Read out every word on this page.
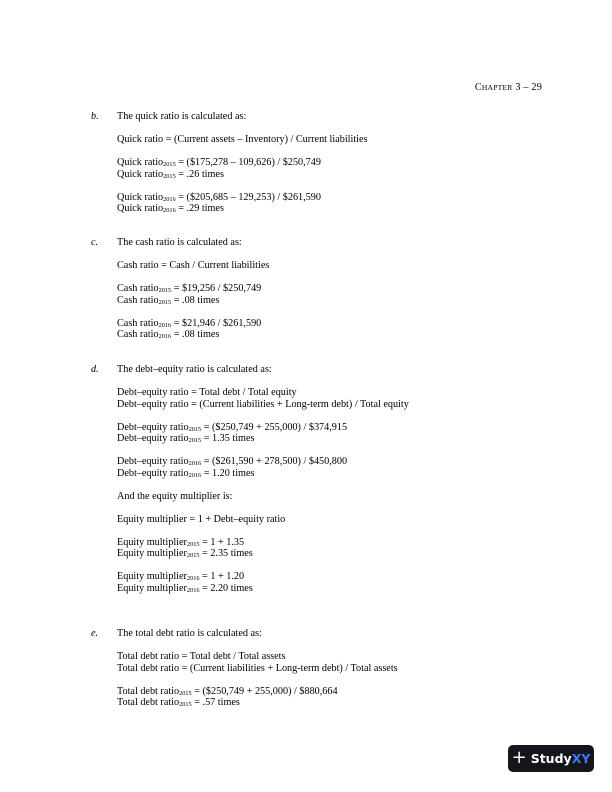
CHAPTER 3 – 29
b. The quick ratio is calculated as:
Quick ratio = (Current assets – Inventory) / Current liabilities
Quick ratio$_{2015}$ = ($175,278 – 109,626) / $250,749
Quick ratio$_{2015}$ = .26 times
Quick ratio$_{2016}$ = ($205,685 – 129,253) / $261,590
Quick ratio$_{2016}$ = .29 times
c. The cash ratio is calculated as:
Cash ratio = Cash / Current liabilities
Cash ratio$_{2015}$ = $19,256 / $250,749
Cash ratio$_{2015}$ = .08 times
Cash ratio$_{2016}$ = $21,946 / $261,590
Cash ratio$_{2016}$ = .08 times
d. The debt–equity ratio is calculated as:
Debt–equity ratio = Total debt / Total equity
Debt–equity ratio = (Current liabilities + Long-term debt) / Total equity
Debt–equity ratio$_{2015}$ = ($250,749 + 255,000) / $374,915
Debt–equity ratio$_{2015}$ = 1.35 times
Debt–equity ratio$_{2016}$ = ($261,590 + 278,500) / $450,800
Debt–equity ratio$_{2016}$ = 1.20 times
And the equity multiplier is:
Equity multiplier = 1 + Debt–equity ratio
Equity multiplier$_{2015}$ = 1 + 1.35
Equity multiplier$_{2015}$ = 2.35 times
Equity multiplier$_{2016}$ = 1 + 1.20
Equity multiplier$_{2016}$ = 2.20 times
e. The total debt ratio is calculated as:
Total debt ratio = Total debt / Total assets
Total debt ratio = (Current liabilities + Long-term debt) / Total assets
Total debt ratio$_{2015}$ = ($250,749 + 255,000) / $880,664
Total debt ratio$_{2015}$ = .57 times
+ StudyXY
